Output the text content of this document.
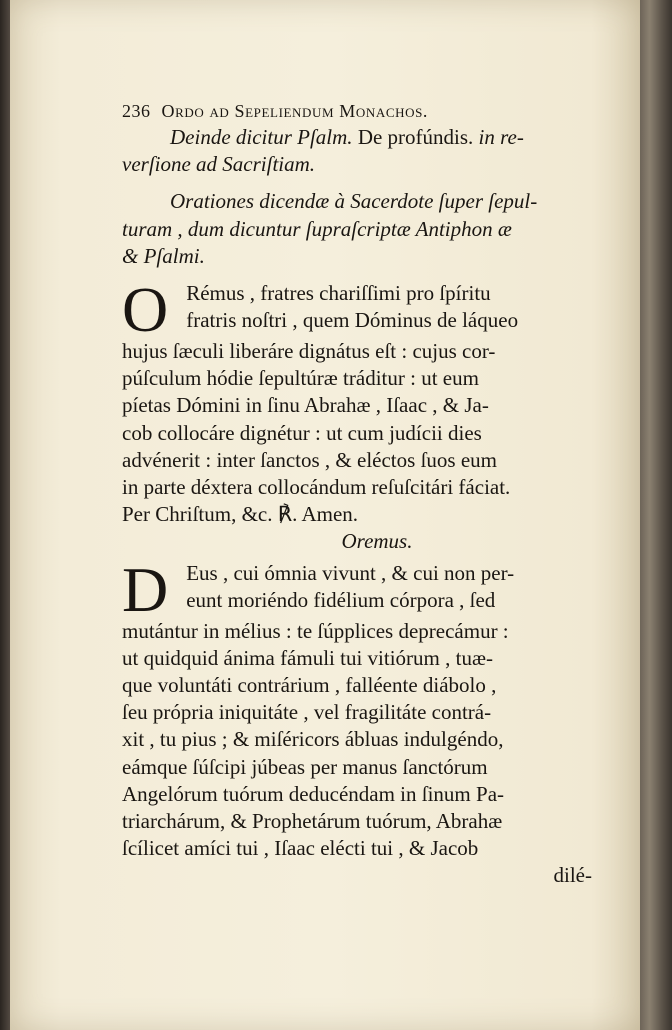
236 Ordo ad Sepeliendum Monachos.
Deinde dicitur Pſalm. De profúndis. in re-
verſione ad Sacriſtiam.
Orationes dicendæ à Sacerdote ſuper ſepul-
turam , dum dicuntur ſupraſcriptæ Antiphon æ
& Pſalmi.
O Rémus , fratres chariſſimi pro ſpíritu
fratris noſtri , quem Dóminus de láqueo
hujus ſæculi liberáre dignátus eſt : cujus cor-
púſculum hódie ſepultúræ tráditur : ut eum
píetas Dómini in ſinu Abrahæ , Iſaac , & Ja-
cob collocáre dignétur : ut cum judícii dies
advénerit : inter ſanctos , & eléctos ſuos eum
in parte déxtera collocándum reſuſcitári fáciat.
Per Chriſtum, &c. ℟. Amen.
Oremus.
D Eus , cui ómnia vivunt , & cui non per-
eunt moriéndo fidélium córpora , ſed
mutántur in mélius : te ſúpplices deprecámur :
ut quidquid ánima fámuli tui vitiórum , tuæ-
que voluntáti contrárium , falléente diábolo ,
ſeu própria iniquitáte , vel fragilitáte contrá-
xit , tu pius ; & miſéricors ábluas indulgéndo,
eámque ſúſcipi júbeas per manus ſanctórum
Angelórum tuórum deducéndam in ſinum Pa-
triarchárum, & Prophetárum tuórum, Abrahæ
ſcílicet amíci tui , Iſaac elécti tui , & Jacob
dilé-
